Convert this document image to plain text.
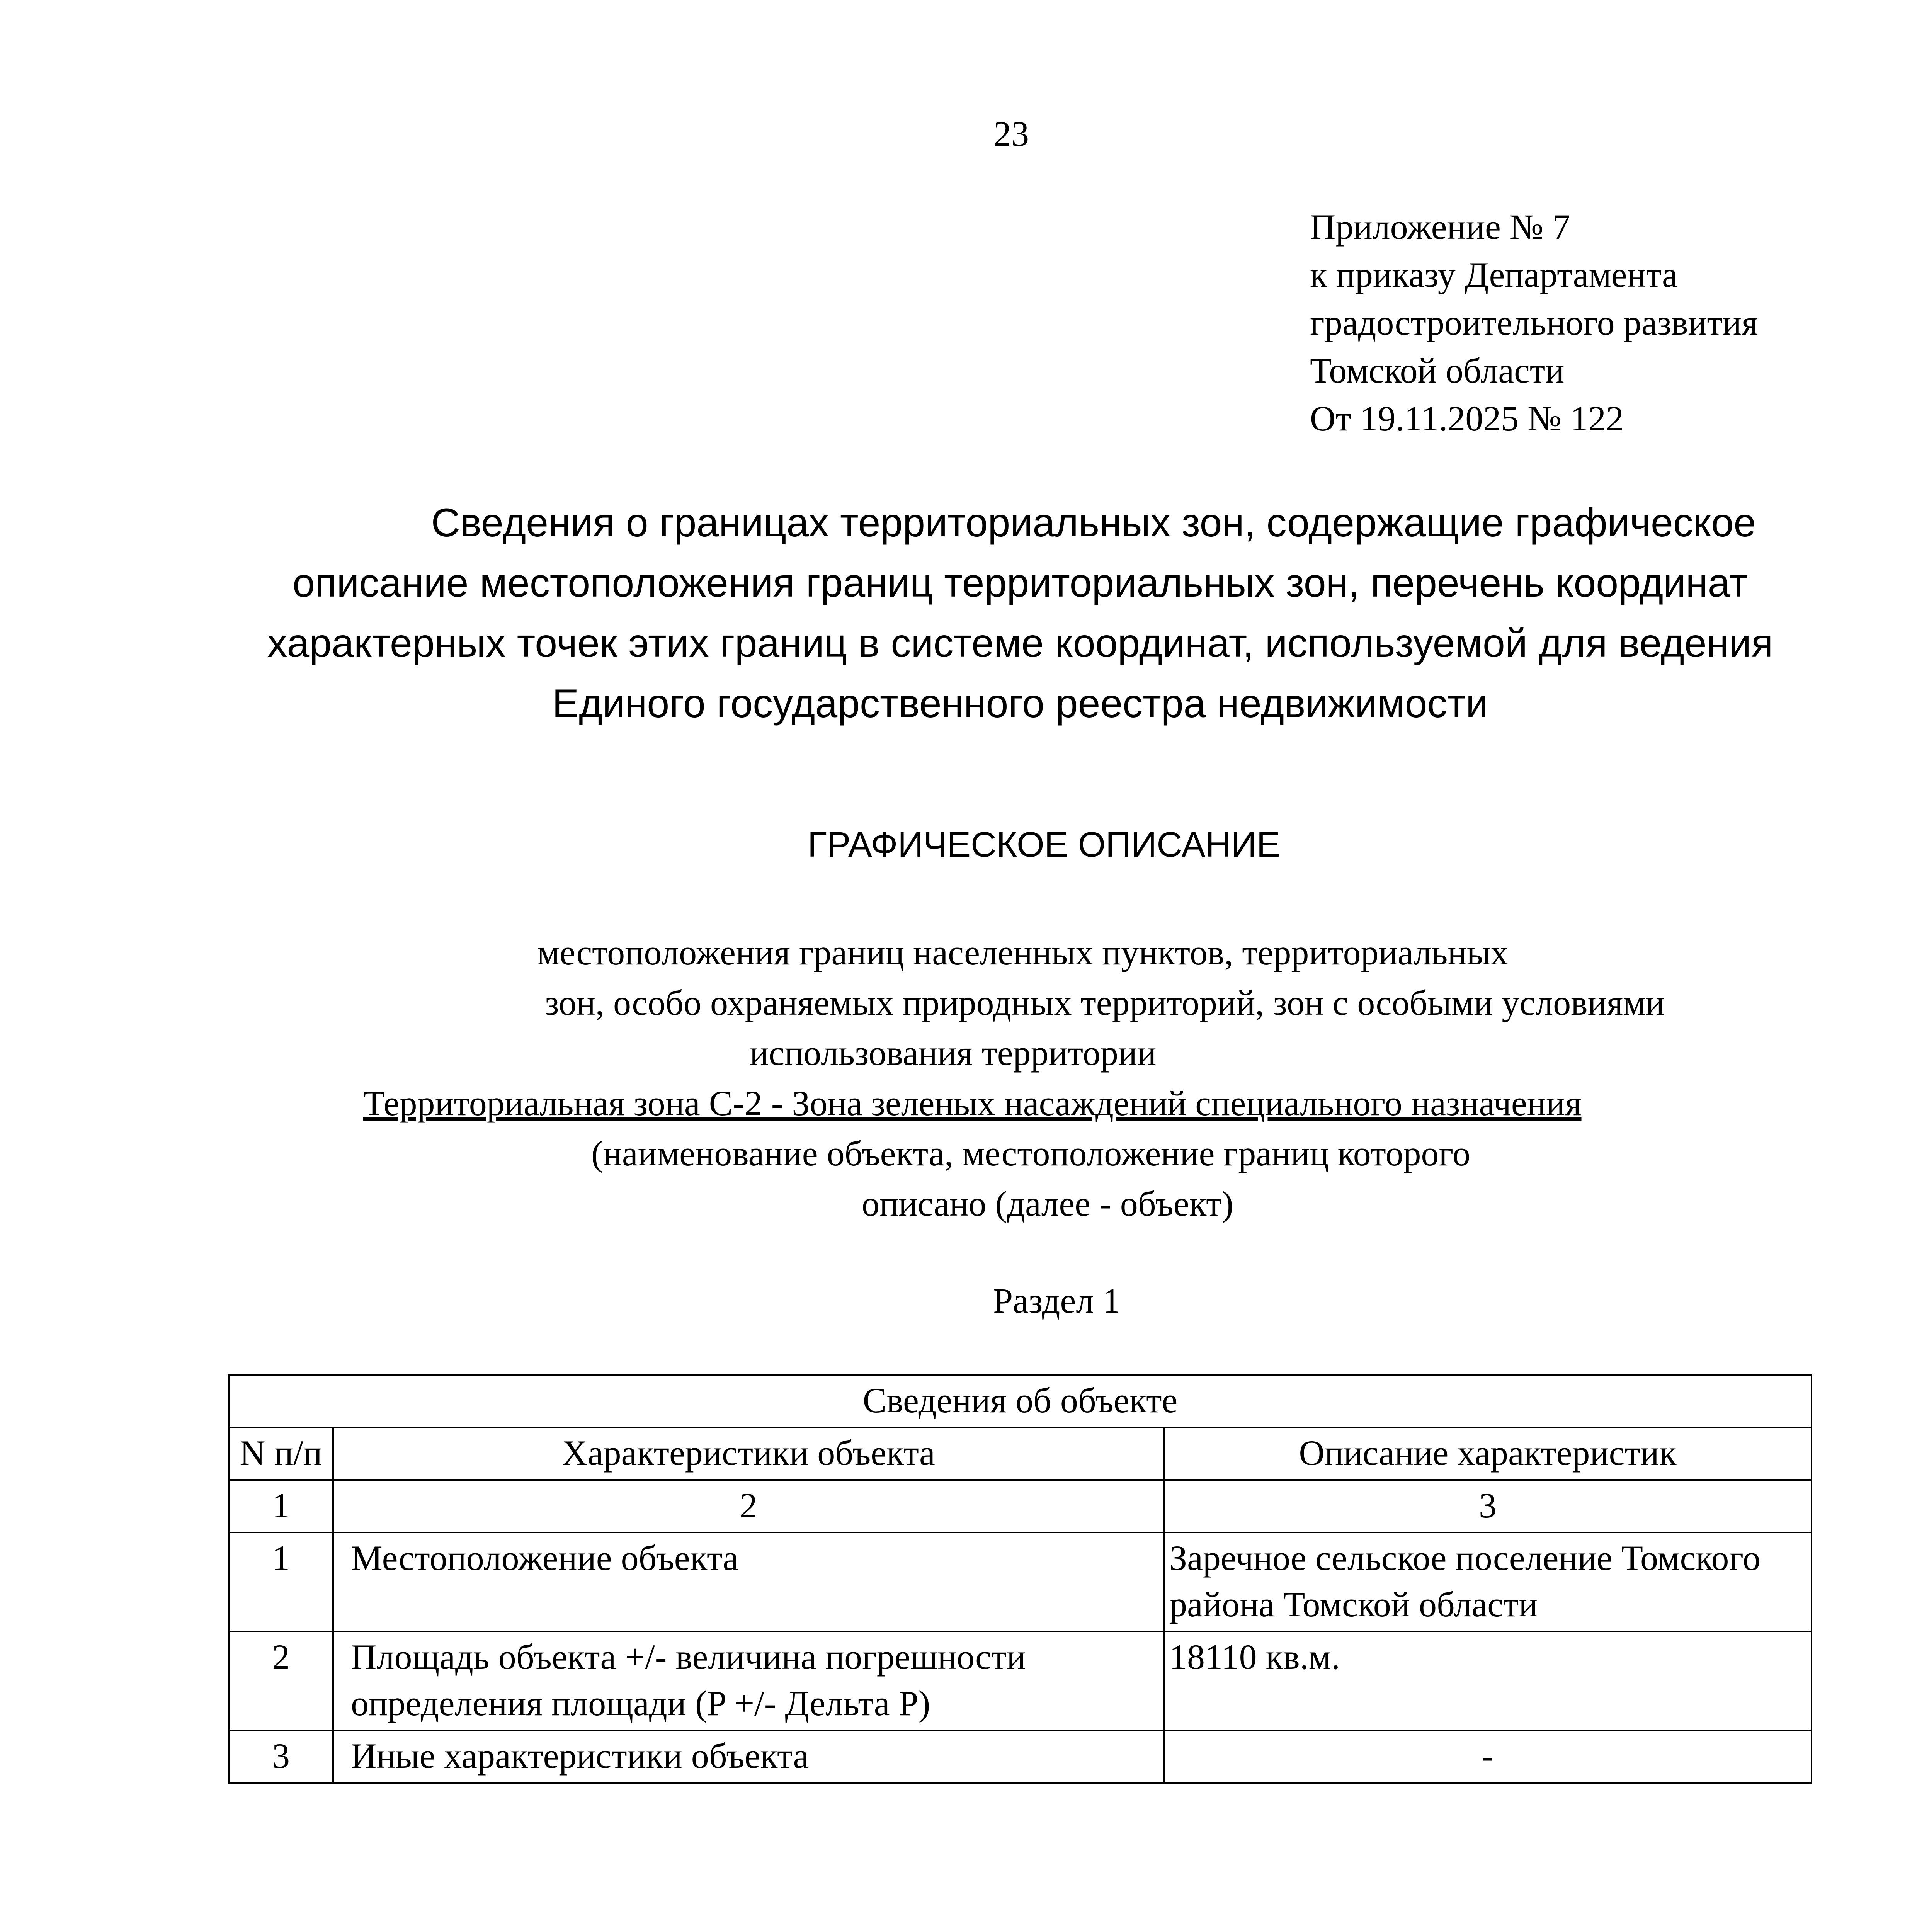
23
Приложение № 7
к приказу Департамента
градостроительного развития
Томской области
От 19.11.2025 № 122
Сведения о границах территориальных зон, содержащие графическое
описание местоположения границ территориальных зон, перечень координат
характерных точек этих границ в системе координат, используемой для ведения
Единого государственного реестра недвижимости
ГРАФИЧЕСКОЕ ОПИСАНИЕ
местоположения границ населенных пунктов, территориальных
зон, особо охраняемых природных территорий, зон с особыми условиями
использования территории
Территориальная зона С-2 - Зона зеленых насаждений специального назначения
(наименование объекта, местоположение границ которого
описано (далее - объект)
Раздел 1
Сведения об объекте		
N п/п	Характеристики объекта	Описание характеристик
1	2	3
1	Местоположение объекта	Заречное сельское поселение Томского района Томской области
2	Площадь объекта +/- величина погрешности определения площади (P +/- Дельта P)	18110 кв.м.
3	Иные характеристики объекта	-
